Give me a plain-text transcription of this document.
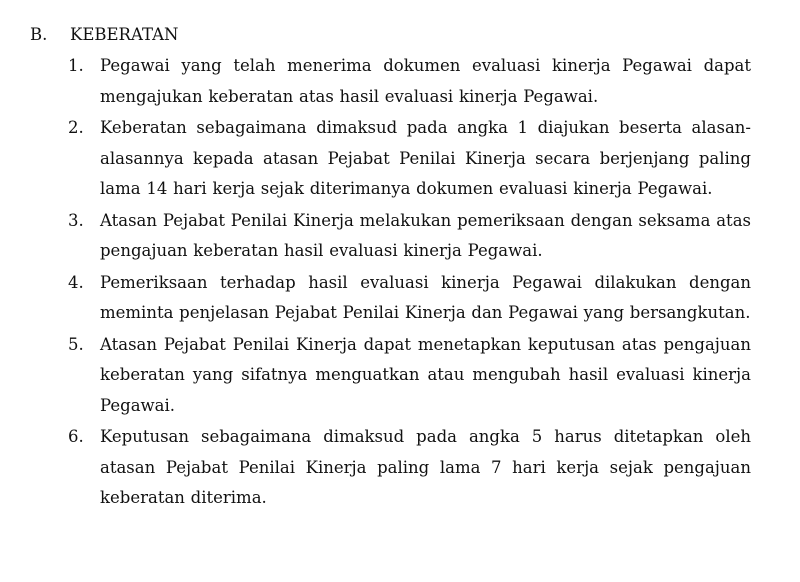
B. KEBERATAN
1. Pegawai yang telah menerima dokumen evaluasi kinerja Pegawai dapat mengajukan keberatan atas hasil evaluasi kinerja Pegawai.
2. Keberatan sebagaimana dimaksud pada angka 1 diajukan beserta alasan-alasannya kepada atasan Pejabat Penilai Kinerja secara berjenjang paling lama 14 hari kerja sejak diterimanya dokumen evaluasi kinerja Pegawai.
3. Atasan Pejabat Penilai Kinerja melakukan pemeriksaan dengan seksama atas pengajuan keberatan hasil evaluasi kinerja Pegawai.
4. Pemeriksaan terhadap hasil evaluasi kinerja Pegawai dilakukan dengan meminta penjelasan Pejabat Penilai Kinerja dan Pegawai yang bersangkutan.
5. Atasan Pejabat Penilai Kinerja dapat menetapkan keputusan atas pengajuan keberatan yang sifatnya menguatkan atau mengubah hasil evaluasi kinerja Pegawai.
6. Keputusan sebagaimana dimaksud pada angka 5 harus ditetapkan oleh atasan Pejabat Penilai Kinerja paling lama 7 hari kerja sejak pengajuan keberatan diterima.
